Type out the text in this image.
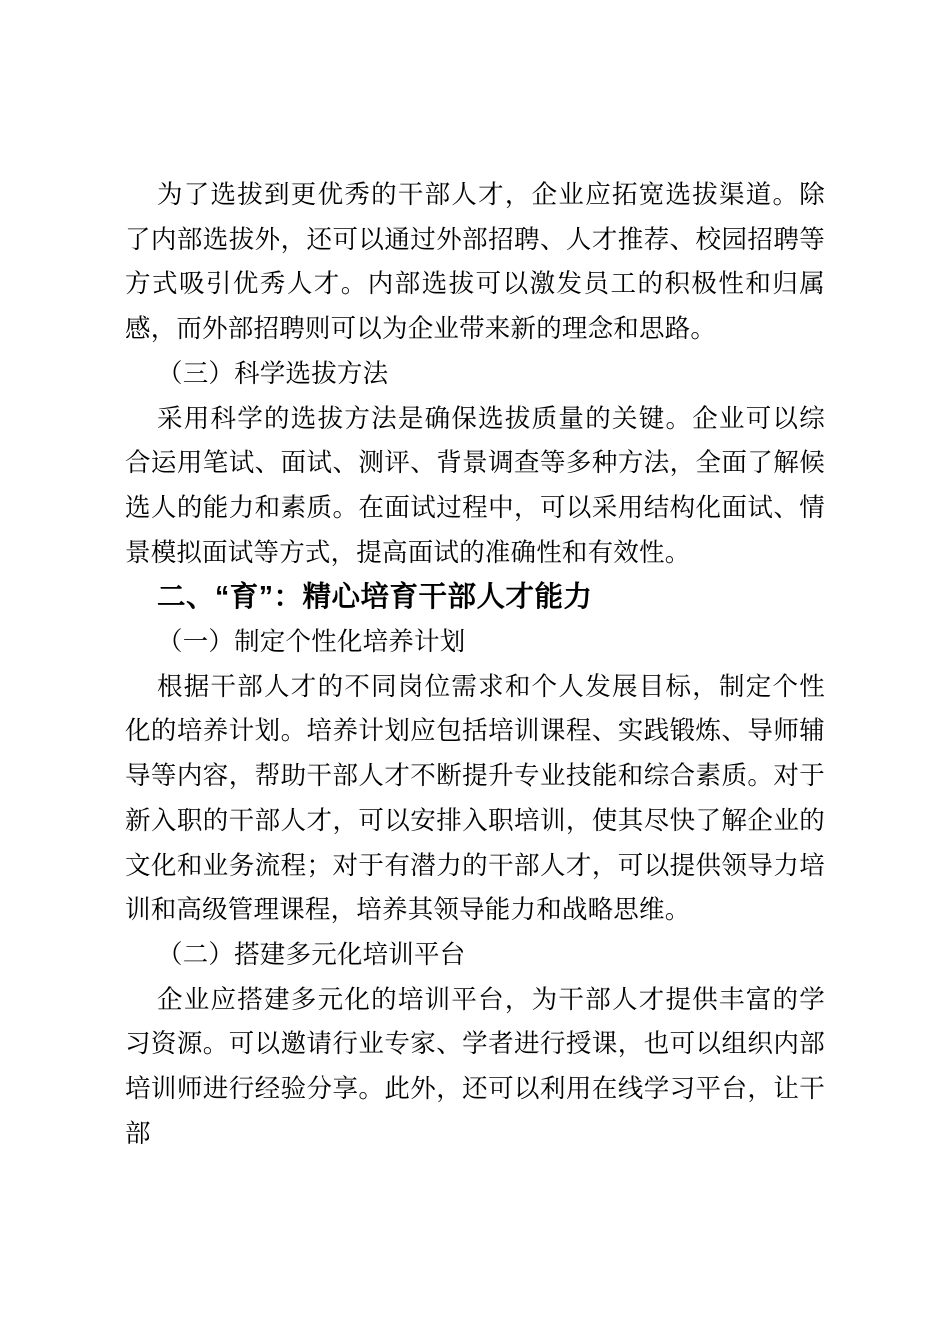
为了选拔到更优秀的干部人才，企业应拓宽选拔渠道。除了内部选拔外，还可以通过外部招聘、人才推荐、校园招聘等方式吸引优秀人才。内部选拔可以激发员工的积极性和归属感，而外部招聘则可以为企业带来新的理念和思路。

（三）科学选拔方法

采用科学的选拔方法是确保选拔质量的关键。企业可以综合运用笔试、面试、测评、背景调查等多种方法，全面了解候选人的能力和素质。在面试过程中，可以采用结构化面试、情景模拟面试等方式，提高面试的准确性和有效性。

二、“育”：精心培育干部人才能力

（一）制定个性化培养计划

根据干部人才的不同岗位需求和个人发展目标，制定个性化的培养计划。培养计划应包括培训课程、实践锻炼、导师辅导等内容，帮助干部人才不断提升专业技能和综合素质。对于新入职的干部人才，可以安排入职培训，使其尽快了解企业的文化和业务流程；对于有潜力的干部人才，可以提供领导力培训和高级管理课程，培养其领导能力和战略思维。

（二）搭建多元化培训平台

企业应搭建多元化的培训平台，为干部人才提供丰富的学习资源。可以邀请行业专家、学者进行授课，也可以组织内部培训师进行经验分享。此外，还可以利用在线学习平台，让干部
